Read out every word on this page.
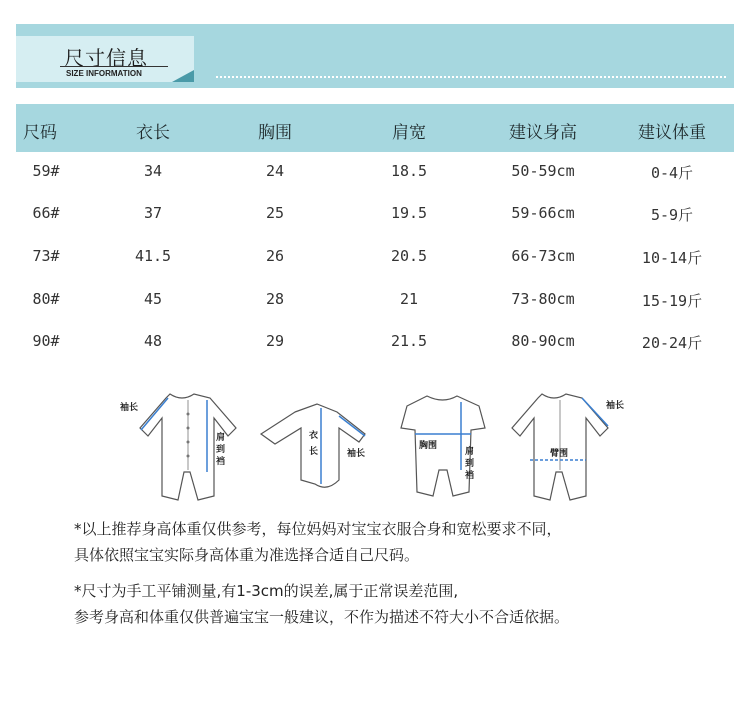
尺寸信息
SIZE INFORMATION
尺码	衣长	胸围	肩宽	建议身高	建议体重
59#	34	24	18.5	50-59cm	0-4斤
66#	37	25	19.5	59-66cm	5-9斤
73#	41.5	26	20.5	66-73cm	10-14斤
80#	45	28	21	73-80cm	15-19斤
90#	48	29	21.5	80-90cm	20-24斤
袖长
肩
到
裆
衣
长	袖长
胸围
肩
到
裆
袖长
臂围
*以上推荐身高体重仅供参考，每位妈妈对宝宝衣服合身和宽松要求不同，
具体依照宝宝实际身高体重为准选择合适自己尺码。
*尺寸为手工平铺测量,有1-3cm的误差,属于正常误差范围,
参考身高和体重仅供普遍宝宝一般建议，不作为描述不符大小不合适依据。
